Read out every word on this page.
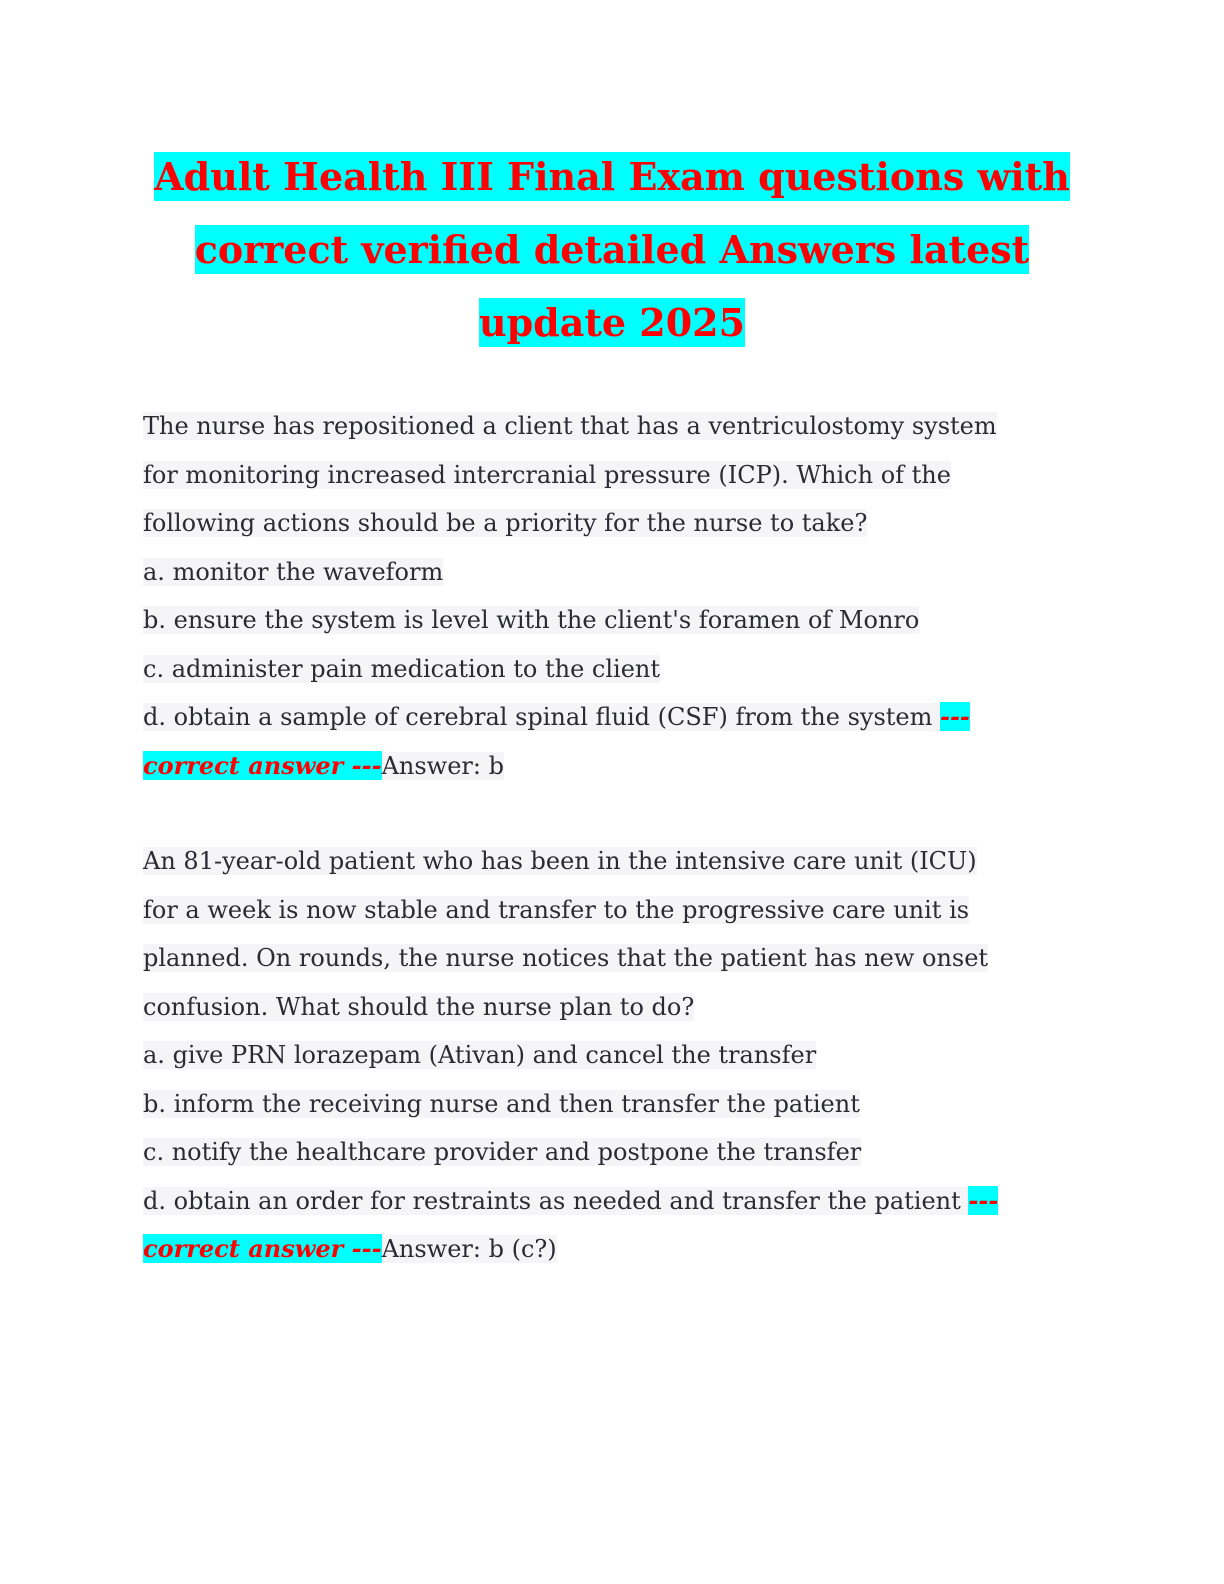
Adult Health III Final Exam questions with
correct verified detailed Answers latest
update 2025
The nurse has repositioned a client that has a ventriculostomy system
for monitoring increased intercranial pressure (ICP). Which of the
following actions should be a priority for the nurse to take?
a. monitor the waveform
b. ensure the system is level with the client's foramen of Monro
c. administer pain medication to the client
d. obtain a sample of cerebral spinal fluid (CSF) from the system ---
correct answer ---Answer: b
An 81-year-old patient who has been in the intensive care unit (ICU)
for a week is now stable and transfer to the progressive care unit is
planned. On rounds, the nurse notices that the patient has new onset
confusion. What should the nurse plan to do?
a. give PRN lorazepam (Ativan) and cancel the transfer
b. inform the receiving nurse and then transfer the patient
c. notify the healthcare provider and postpone the transfer
d. obtain an order for restraints as needed and transfer the patient ---
correct answer ---Answer: b (c?)
